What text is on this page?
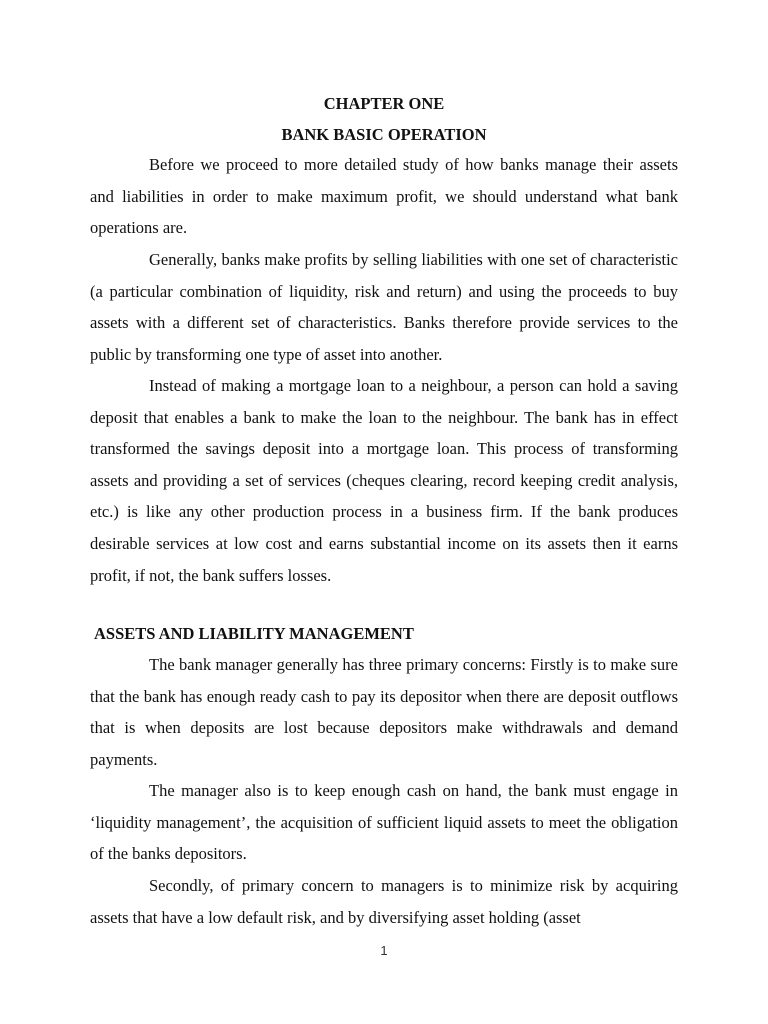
CHAPTER ONE
BANK BASIC OPERATION

Before we proceed to more detailed study of how banks manage their assets and liabilities in order to make maximum profit, we should understand what bank operations are.

Generally, banks make profits by selling liabilities with one set of characteristic (a particular combination of liquidity, risk and return) and using the proceeds to buy assets with a different set of characteristics. Banks therefore provide services to the public by transforming one type of asset into another.

Instead of making a mortgage loan to a neighbour, a person can hold a saving deposit that enables a bank to make the loan to the neighbour. The bank has in effect transformed the savings deposit into a mortgage loan. This process of transforming assets and providing a set of services (cheques clearing, record keeping credit analysis, etc.) is like any other production process in a business firm. If the bank produces desirable services at low cost and earns substantial income on its assets then it earns profit, if not, the bank suffers losses.

ASSETS AND LIABILITY MANAGEMENT

The bank manager generally has three primary concerns: Firstly is to make sure that the bank has enough ready cash to pay its depositor when there are deposit outflows that is when deposits are lost because depositors make withdrawals and demand payments.

The manager also is to keep enough cash on hand, the bank must engage in ‘liquidity management’, the acquisition of sufficient liquid assets to meet the obligation of the banks depositors.

Secondly, of primary concern to managers is to minimize risk by acquiring assets that have a low default risk, and by diversifying asset holding (asset

1
